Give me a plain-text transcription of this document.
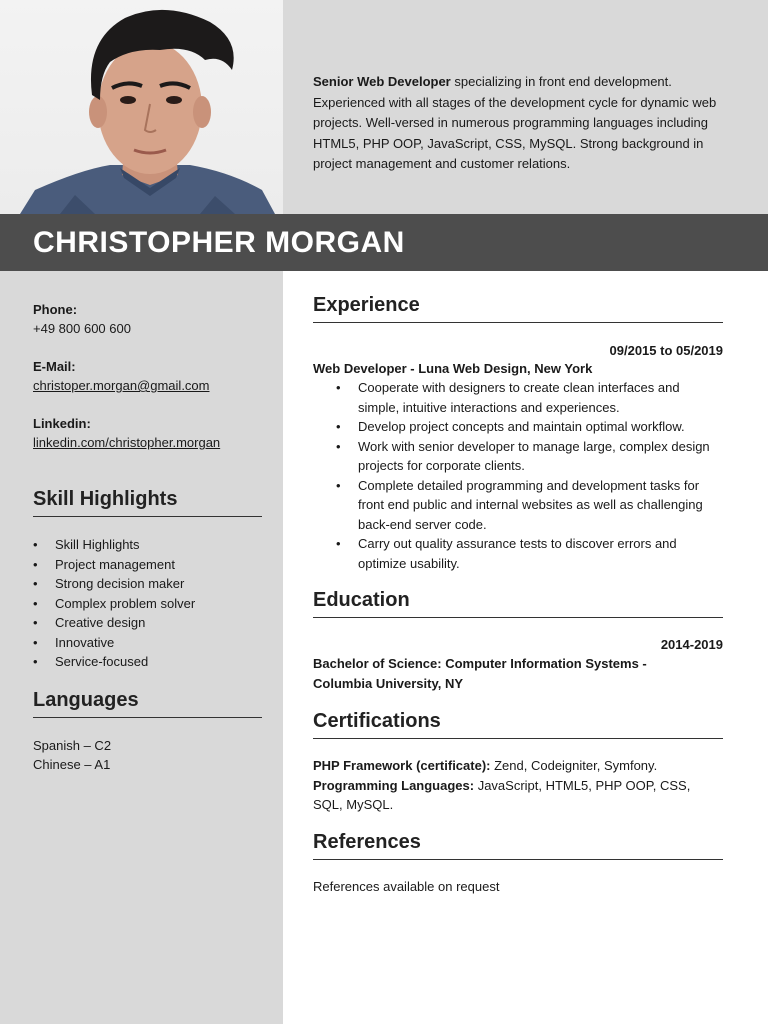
Senior Web Developer specializing in front end development. Experienced with all stages of the development cycle for dynamic web projects. Well-versed in numerous programming languages including HTML5, PHP OOP, JavaScript, CSS, MySQL. Strong background in project management and customer relations.
CHRISTOPHER MORGAN
Phone:
+49 800 600 600
E-Mail:
christoper.morgan@gmail.com
Linkedin:
linkedin.com/christopher.morgan
Skill Highlights
• Skill Highlights
• Project management
• Strong decision maker
• Complex problem solver
• Creative design
• Innovative
• Service-focused
Languages
Spanish – C2
Chinese – A1
Experience
09/2015 to 05/2019
Web Developer - Luna Web Design, New York
• Cooperate with designers to create clean interfaces and simple, intuitive interactions and experiences.
• Develop project concepts and maintain optimal workflow.
• Work with senior developer to manage large, complex design projects for corporate clients.
• Complete detailed programming and development tasks for front end public and internal websites as well as challenging back-end server code.
• Carry out quality assurance tests to discover errors and optimize usability.
Education
2014-2019
Bachelor of Science: Computer Information Systems -
Columbia University, NY
Certifications
PHP Framework (certificate): Zend, Codeigniter, Symfony.
Programming Languages: JavaScript, HTML5, PHP OOP, CSS, SQL, MySQL.
References
References available on request
